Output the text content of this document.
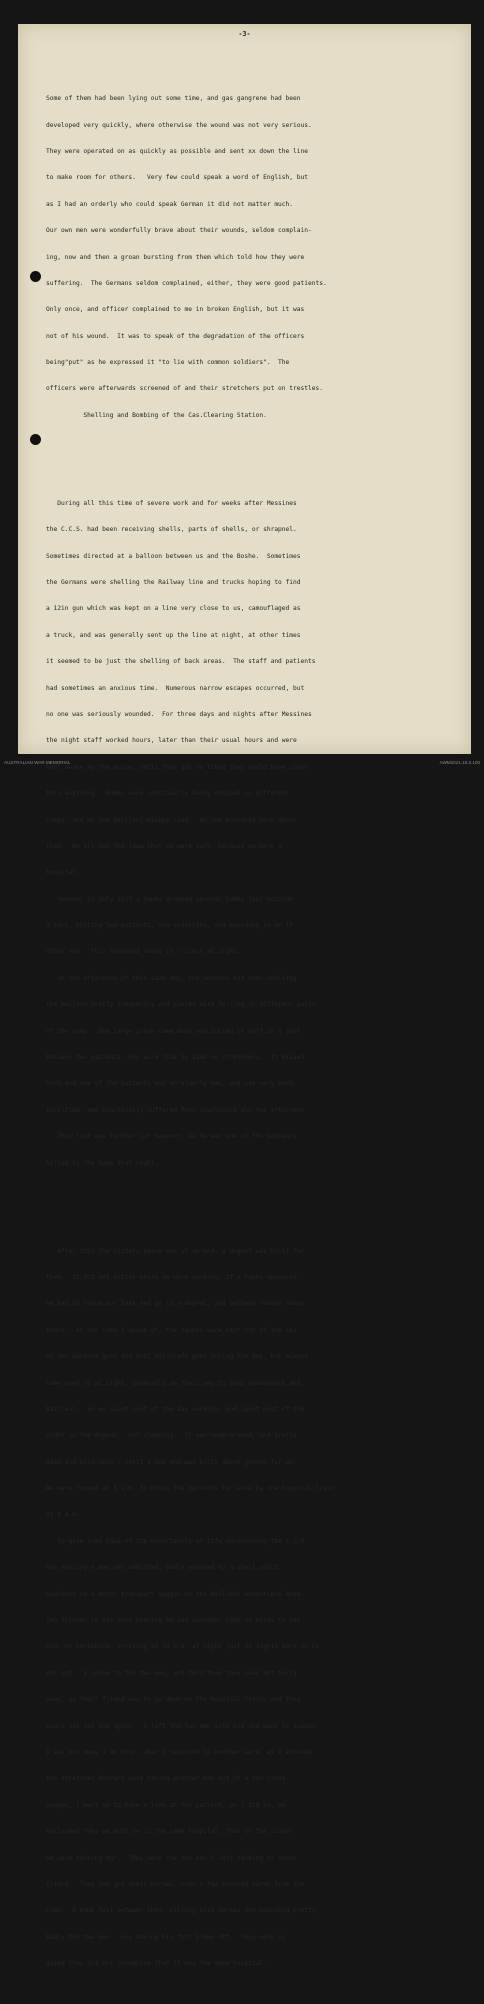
-3-

Some of them had been lying out some time, and gas gangrene had been

developed very quickly, where otherwise the wound was not very serious.

They were operated on as quickly as possible and sent xx down the line

to make room for others.   Very few could speak a word of English, but

as I had an orderly who could speak German it did not matter much.

Our own men were wonderfully brave about their wounds, seldom complain-

ing, now and then a groan bursting from them which told how they were

suffering.  The Germans seldom complained, either, they were good patients.

Only once, and officer complained to me in broken English, but it was

not of his wound.  It was to speak of the degradation of the officers

being"put" as he expressed it "to lie with common soldiers".  The

officers were afterwards screened of and their stretchers put on trestles.

Shelling and Bombing of the Cas.Clearing Station.

During all this time of severe work and for weeks after Messines

the C.C.S. had been receiving shells, parts of shells, or shrapnel.

Sometimes directed at a balloon between us and the Boshe.  Sometimes

the Germans were shelling the Railway line and trucks hoping to find

a 12in gun which was kept on a line very close to us, camouflaged as

a truck, and was generally sent up the line at night, at other times

it seemed to be just the shelling of back areas.  The staff and patients

had sometimes an anxious time.  Numerous narrow escapes occurred, but

no one was seriously wounded.  For three days and nights after Messines

the night staff worked hours, later than their usual hours and were

kept awake by the noise, until they got so tired they would have slept

thro anything.  Bombs were continually being dropped on different

camps, and on the Bailleul-Nieppe road.  No one bothered much about

them.  We all had the idea that we were safe, because we were a

hospital.

However in July 1917 a taube dropped several bombs just outside

a tent, killing two patients, two orderlies, and wounding 14 or 15

other men.  This happened about 10 o'clock at night.

On the afternoon of this same day, the Germans had been shelling

the balloon pretty frequently and pieces were falling in different parts

of the camp.  One large piece came down and buried it self in a tent

between two patients, who were side by side on stretchers.  It missed

both and one of the patients was an elderly man, and was very much

terrified, and practically suffered from shellshock all the afternoon.

This luck was further out however, as he was one of the patients

killed by the bomb that night.

After this the sisters peace was at an end, a dugout was built for

them.  It did not matter where we were working, if a taube appeared

we had to leave our task and go to a dugout, and perhaps remain hours

there.  At the time I speak of, the taubes were kept out of the sky

by our machine guns and anti air-craft guns during the day, but always

came over us at night, generally on their way to bomb Hazebrouck and

Bailleul.  So we spent most of the day working, and spent most of the

night in the dugout - not sleeping.  It was underground, and pretty

damp and miserable - until a new one was built above ground for us.

We were roused at 5 a.m. to dress the patients to leave by the hospital train

at 8 a.m.

To give some idea of the uncertainty of life surrounding the C.C.S.

One evening a man was admitted, badly wounded by a shell which

exploded in a motor transport waggon on the Bailleul Armentiers Road.

Two friends in his unit hearing he was wounded, rode 14 miles to see

him, on horseback, arriving at 10 p.m. at night just as lights were to be

put out.  I spoke to the two men, and told them they need not hurry

away, as their friend was to go down on the hospital train, and they

would not see him again.  I left the two men with him and went to supper.

I was not away 1 an hour, when I returned to another ward, as I entered

the stretcher Bearers were taking another man out of a red cross

waggon, I went up to have a look at the patient, as I did so, he

exclaimed "Why we must be in the same hospital, this is the sister

we were talking to".  They were the two men I left talking to their

friend.  They had got their horses, rode a few hundred yards from the

camp.  A bomb fell between them, killing both horses and wounding pretty

badly the two men - one having his foot blown off.  They were so

dazed they did not recognise that it was the same hospital,

AUSTRALIAN WAR MEMORIAL	AWM2021.15.0.100
